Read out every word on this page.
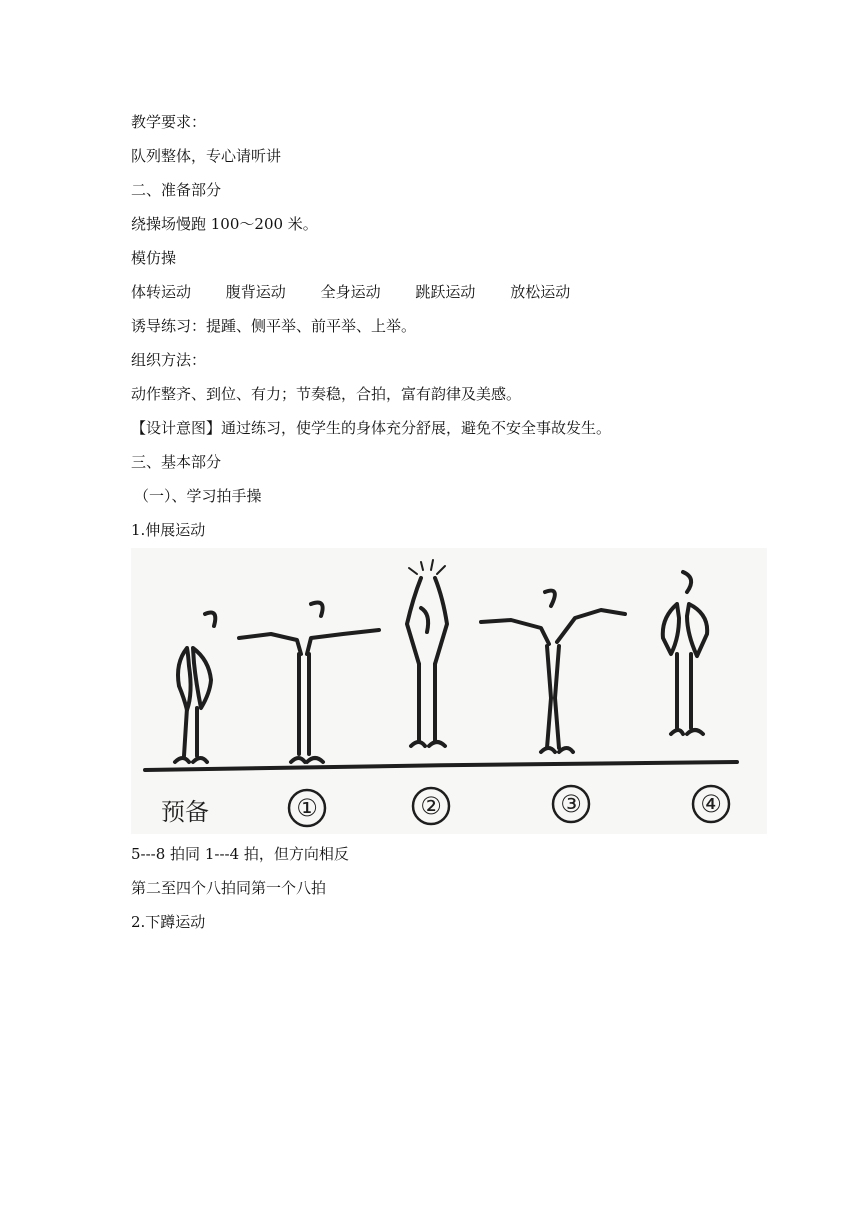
教学要求：
队列整体，专心请听讲
二、准备部分
绕操场慢跑 100～200 米。
模仿操
体转运动 腹背运动 全身运动 跳跃运动 放松运动
诱导练习：提踵、侧平举、前平举、上举。
组织方法：
动作整齐、到位、有力；节奏稳，合拍，富有韵律及美感。
【设计意图】通过练习，使学生的身体充分舒展，避免不安全事故发生。
三、基本部分
（一）、学习拍手操
1.伸展运动
预备	①	②	③	④
5---8 拍同 1---4 拍，但方向相反
第二至四个八拍同第一个八拍
2.下蹲运动
